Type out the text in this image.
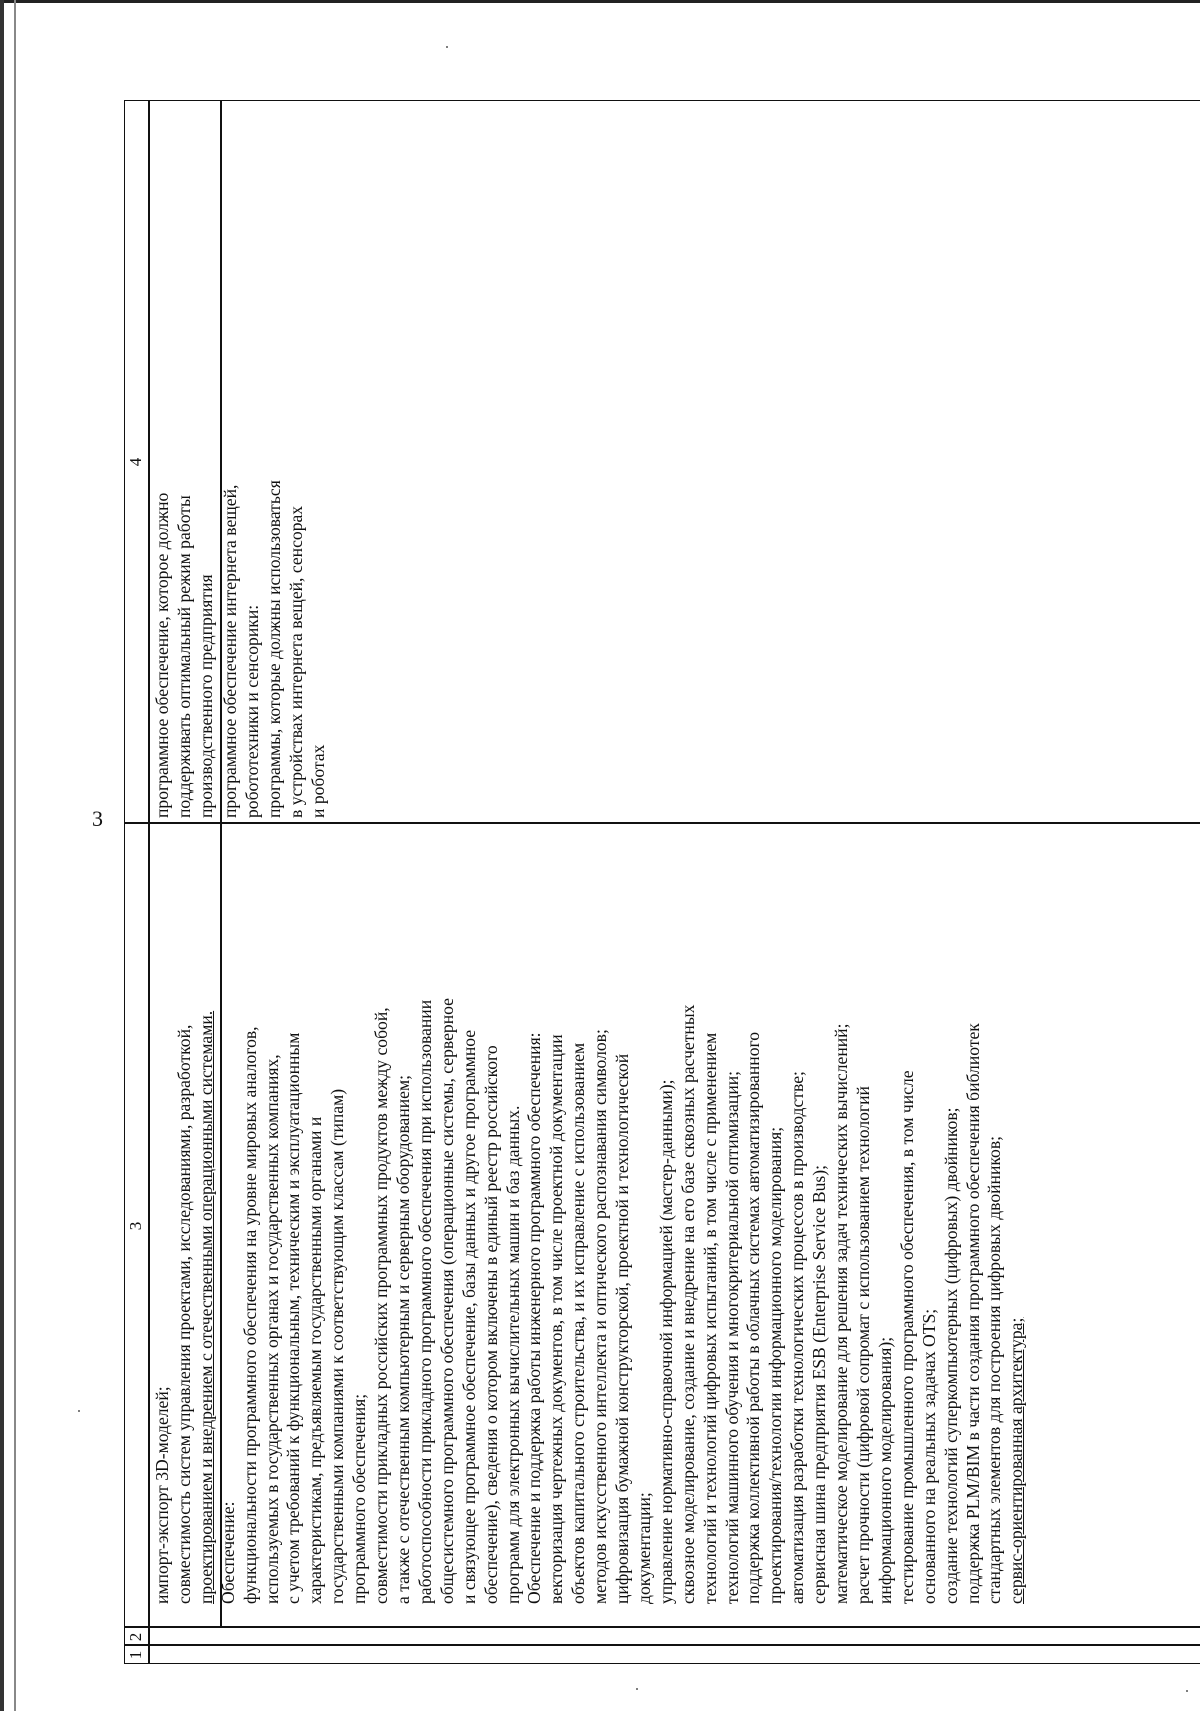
3
1
2
3
4
импорт-экспорт 3D-моделей; совместимость систем управления проектами, исследованиями, разработкой, проектированием и внедрением с отечественными операционными системами. Обеспечение: функциональности программного обеспечения на уровне мировых аналогов, используемых в государственных органах и государственных компаниях, с учетом требований к функциональным, техническим и эксплуатационным характеристикам, предъявляемым государственными органами и государственными компаниями к соответствующим классам (типам) программного обеспечения; совместимости прикладных российских программных продуктов между собой, а также с отечественным компьютерным и серверным оборудованием; работоспособности прикладного программного обеспечения при использовании общесистемного программного обеспечения (операционные системы, серверное и связующее программное обеспечение, базы данных и другое программное обеспечение), сведения о котором включены в единый реестр российского программ для электронных вычислительных машин и баз данных. Обеспечение и поддержка работы инженерного программного обеспечения: векторизация чертежных документов, в том числе проектной документации объектов капитального строительства, и их исправление с использованием методов искусственного интеллекта и оптического распознавания символов; цифровизация бумажной конструкторской, проектной и технологической документации; управление нормативно-справочной информацией (мастер-данными); сквозное моделирование, создание и внедрение на его базе сквозных расчетных технологий и технологий цифровых испытаний, в том числе с применением технологий машинного обучения и многокритериальной оптимизации; поддержка коллективной работы в облачных системах автоматизированного проектирования/технологии информационного моделирования; автоматизация разработки технологических процессов в производстве; сервисная шина предприятия ESB (Enterprise Service Bus); математическое моделирование для решения задач технических вычислений; расчет прочности (цифровой сопромат с использованием технологий информационного моделирования); тестирование промышленного программного обеспечения, в том числе основанного на реальных задачах OTS; создание технологий суперкомпьютерных (цифровых) двойников; поддержка PLM/BIM в части создания программного обеспечения библиотек стандартных элементов для построения цифровых двойников; сервис-ориентированная архитектура;
программное обеспечение, которое должно поддерживать оптимальный режим работы производственного предприятия программное обеспечение интернета вещей, робототехники и сенсорики: программы, которые должны использоваться в устройствах интернета вещей, сенсорах и роботах
